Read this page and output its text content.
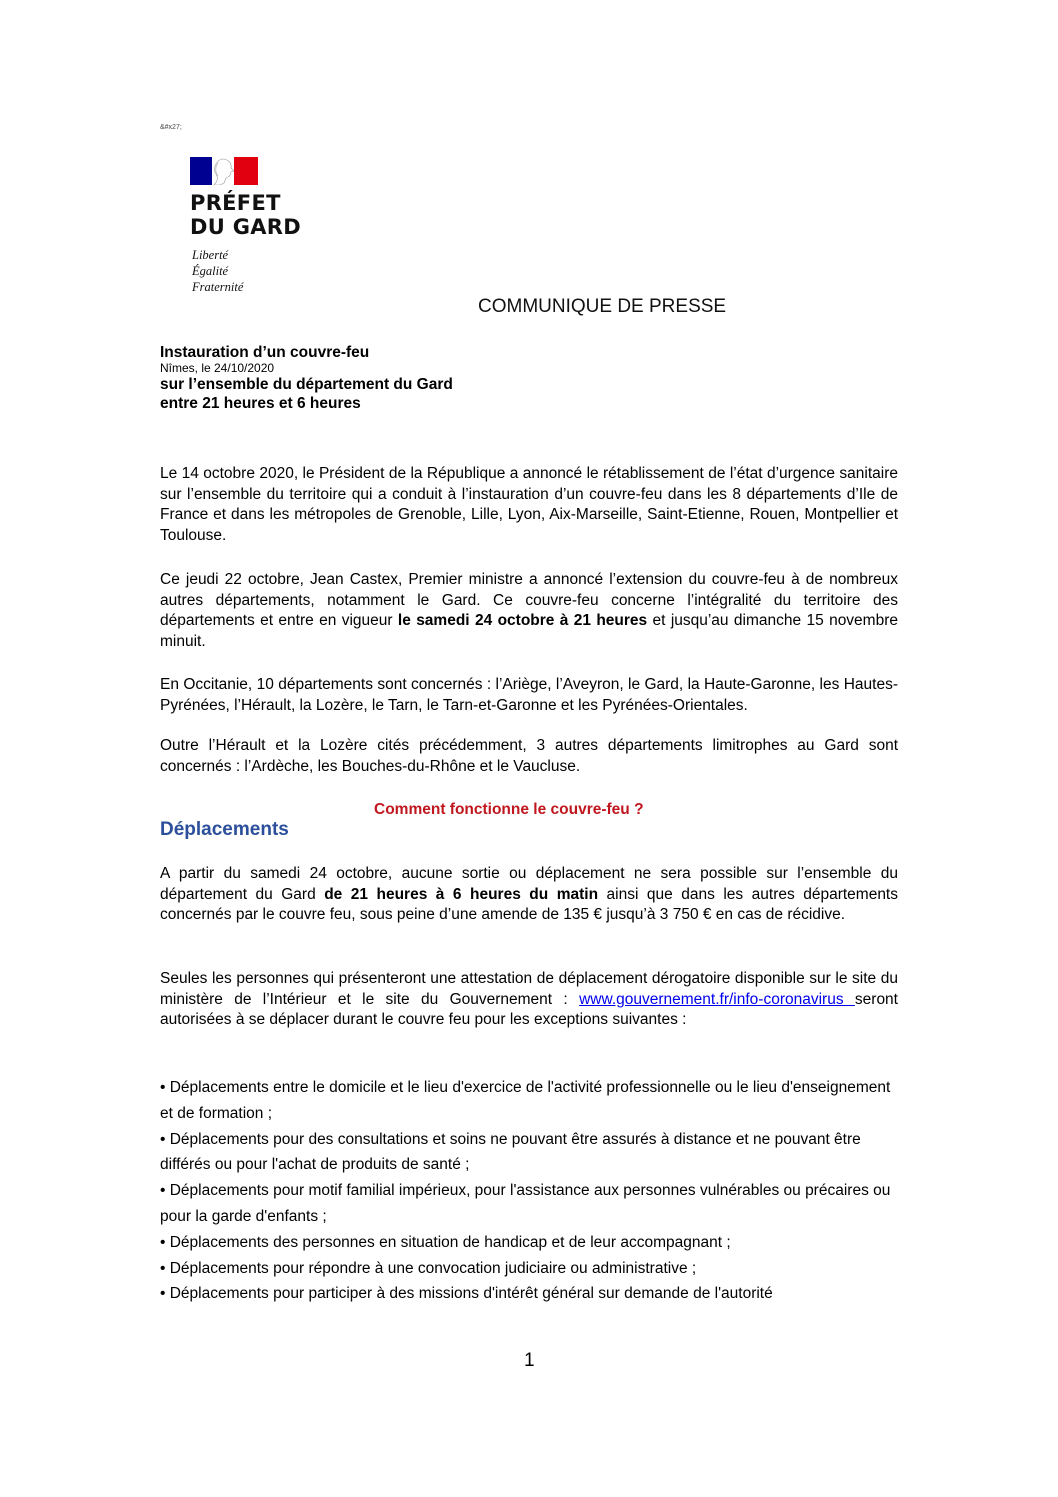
&#x27;
PRÉFET
DU GARD
Liberté
Égalité
Fraternité
COMMUNIQUE DE PRESSE
Instauration d’un couvre-feu
Nîmes, le 24/10/2020
sur l’ensemble du département du Gard
entre 21 heures et 6 heures
Le 14 octobre 2020, le Président de la République a annoncé le rétablissement de l’état d’urgence sanitaire sur l’ensemble du territoire qui a conduit à l’instauration d’un couvre-feu dans les 8 départements d’Ile de France et dans les métropoles de Grenoble, Lille, Lyon, Aix-Marseille, Saint-Etienne, Rouen, Montpellier et Toulouse.
Ce jeudi 22 octobre, Jean Castex, Premier ministre a annoncé l’extension du couvre-feu à de nombreux autres départements, notamment le Gard. Ce couvre-feu concerne l’intégralité du territoire des départements et entre en vigueur le samedi 24 octobre à 21 heures et jusqu’au dimanche 15 novembre minuit.
En Occitanie, 10 départements sont concernés : l’Ariège, l’Aveyron, le Gard, la Haute-Garonne, les Hautes-Pyrénées, l’Hérault, la Lozère, le Tarn, le Tarn-et-Garonne et les Pyrénées-Orientales.
Outre l’Hérault et la Lozère cités précédemment, 3 autres départements limitrophes au Gard sont concernés : l’Ardèche, les Bouches-du-Rhône et le Vaucluse.
Comment fonctionne le couvre-feu ?
Déplacements
A partir du samedi 24 octobre, aucune sortie ou déplacement ne sera possible sur l’ensemble du département du Gard de 21 heures à 6 heures du matin ainsi que dans les autres départements concernés par le couvre feu, sous peine d’une amende de 135 € jusqu’à 3 750 € en cas de récidive.
Seules les personnes qui présenteront une attestation de déplacement dérogatoire disponible sur le site du ministère de l’Intérieur et le site du Gouvernement : www.gouvernement.fr/info-coronavirus seront autorisées à se déplacer durant le couvre feu pour les exceptions suivantes :
• Déplacements entre le domicile et le lieu d'exercice de l'activité professionnelle ou le lieu d'enseignement et de formation ;
• Déplacements pour des consultations et soins ne pouvant être assurés à distance et ne pouvant être différés ou pour l'achat de produits de santé ;
• Déplacements pour motif familial impérieux, pour l'assistance aux personnes vulnérables ou précaires ou pour la garde d'enfants ;
• Déplacements des personnes en situation de handicap et de leur accompagnant ;
• Déplacements pour répondre à une convocation judiciaire ou administrative ;
• Déplacements pour participer à des missions d'intérêt général sur demande de l'autorité
1
